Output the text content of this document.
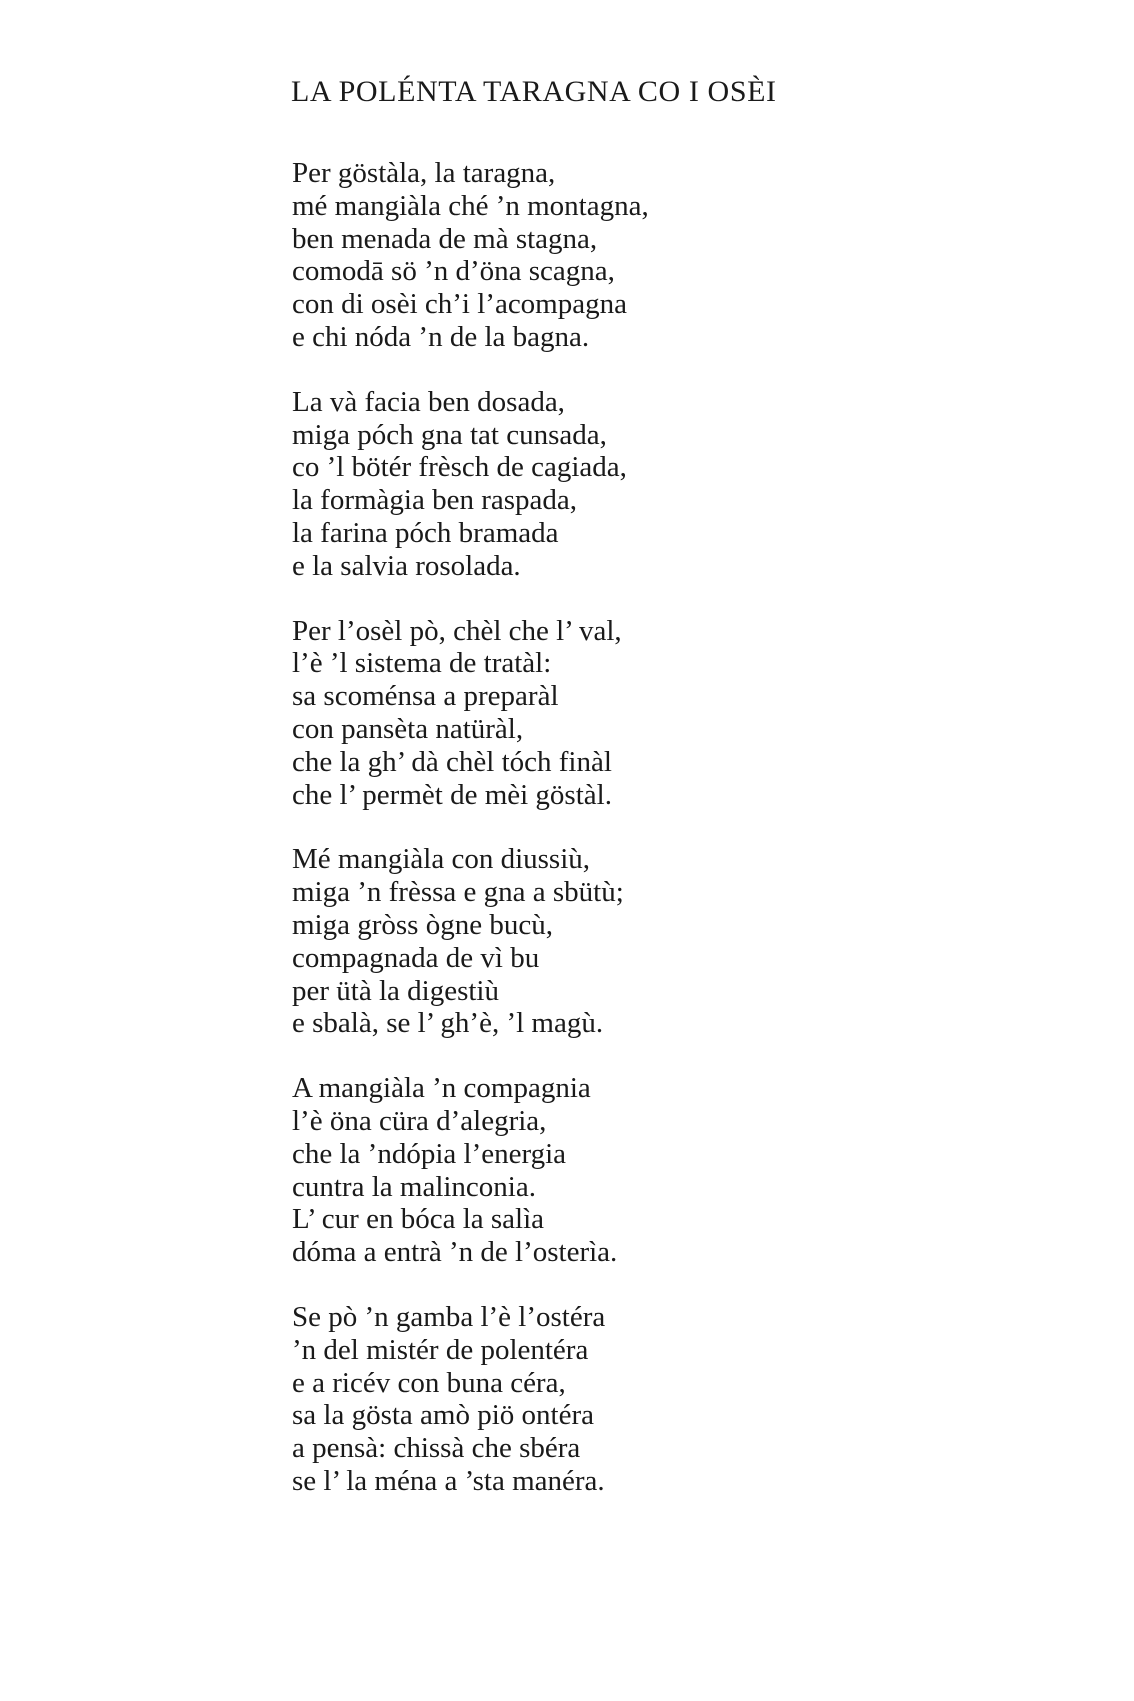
LA POLÉNTA TARAGNA CO I OSÈI
Per göstàla, la taragna,
mé mangiàla ché ’n montagna,
ben menada de mà stagna,
comodā sö ’n d’öna scagna,
con di osèi ch’i l’acompagna
e chi nóda ’n de la bagna.
La và facia ben dosada,
miga póch gna tat cunsada,
co ’l bötér frèsch de cagiada,
la formàgia ben raspada,
la farina póch bramada
e la salvia rosolada.
Per l’osèl pò, chèl che l’ val,
l’è ’l sistema de tratàl:
sa scoménsa a preparàl
con pansèta natüràl,
che la gh’ dà chèl tóch finàl
che l’ permèt de mèi göstàl.
Mé mangiàla con diussiù,
miga ’n frèssa e gna a sbütù;
miga gròss ògne bucù,
compagnada de vì bu
per ütà la digestiù
e sbalà, se l’ gh’è, ’l magù.
A mangiàla ’n compagnia
l’è öna cüra d’alegria,
che la ’ndópia l’energia
cuntra la malinconia.
L’ cur en bóca la salìa
dóma a entrà ’n de l’osterìa.
Se pò ’n gamba l’è l’ostéra
’n del mistér de polentéra
e a ricév con buna céra,
sa la gösta amò piö ontéra
a pensà: chissà che sbéra
se l’ la ména a ’sta manéra.
